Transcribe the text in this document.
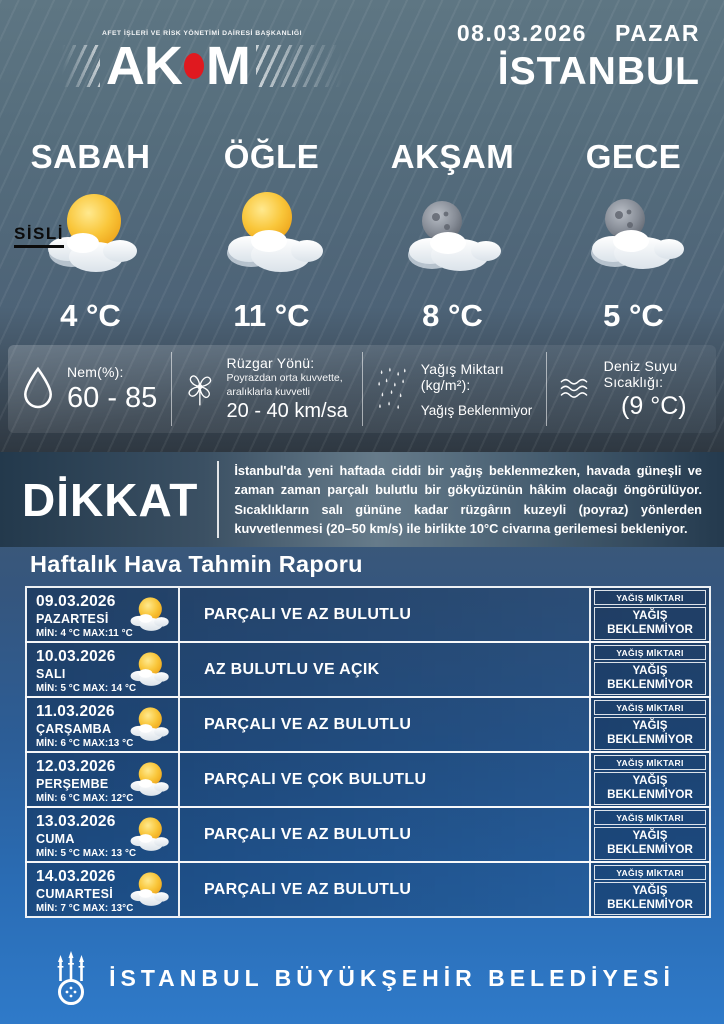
AFET İŞLERİ VE RİSK YÖNETİMİ DAİRESİ BAŞKANLIĞI
AK M
08.03.2026 PAZAR
İSTANBUL
SABAH
SİSLİ
4 °C
ÖĞLE
11 °C
AKŞAM
8 °C
GECE
5 °C
Nem(%):
60 - 85
Rüzgar Yönü:
Poyrazdan orta kuvvette, aralıklarla kuvvetli
20 - 40 km/sa
Yağış Miktarı (kg/m²):
Yağış Beklenmiyor
Deniz Suyu Sıcaklığı:
(9 °C)
DİKKAT
İstanbul'da yeni haftada ciddi bir yağış beklenmezken, havada güneşli ve zaman zaman parçalı bulutlu bir gökyüzünün hâkim olacağı öngörülüyor. Sıcaklıkların salı gününe kadar rüzgârın kuzeyli (poyraz) yönlerden kuvvetlenmesi (20–50 km/s) ile birlikte 10°C civarına gerilemesi bekleniyor.
Haftalık Hava Tahmin Raporu
09.03.2026
PAZARTESİ
MİN: 4 °C MAX:11 °C
PARÇALI VE AZ BULUTLU
YAĞIŞ MİKTARI
YAĞIŞ BEKLENMİYOR
10.03.2026
SALI
MİN: 5 °C MAX: 14 °C
AZ BULUTLU VE AÇIK
YAĞIŞ MİKTARI
YAĞIŞ BEKLENMİYOR
11.03.2026
ÇARŞAMBA
MİN: 6 °C MAX:13 °C
PARÇALI VE AZ BULUTLU
YAĞIŞ MİKTARI
YAĞIŞ BEKLENMİYOR
12.03.2026
PERŞEMBE
MİN: 6 °C MAX: 12°C
PARÇALI VE ÇOK BULUTLU
YAĞIŞ MİKTARI
YAĞIŞ BEKLENMİYOR
13.03.2026
CUMA
MİN: 5 °C MAX: 13 °C
PARÇALI VE AZ BULUTLU
YAĞIŞ MİKTARI
YAĞIŞ BEKLENMİYOR
14.03.2026
CUMARTESİ
MİN: 7 °C MAX: 13°C
PARÇALI VE AZ BULUTLU
YAĞIŞ MİKTARI
YAĞIŞ BEKLENMİYOR
İSTANBUL BÜYÜKŞEHİR BELEDİYESİ
